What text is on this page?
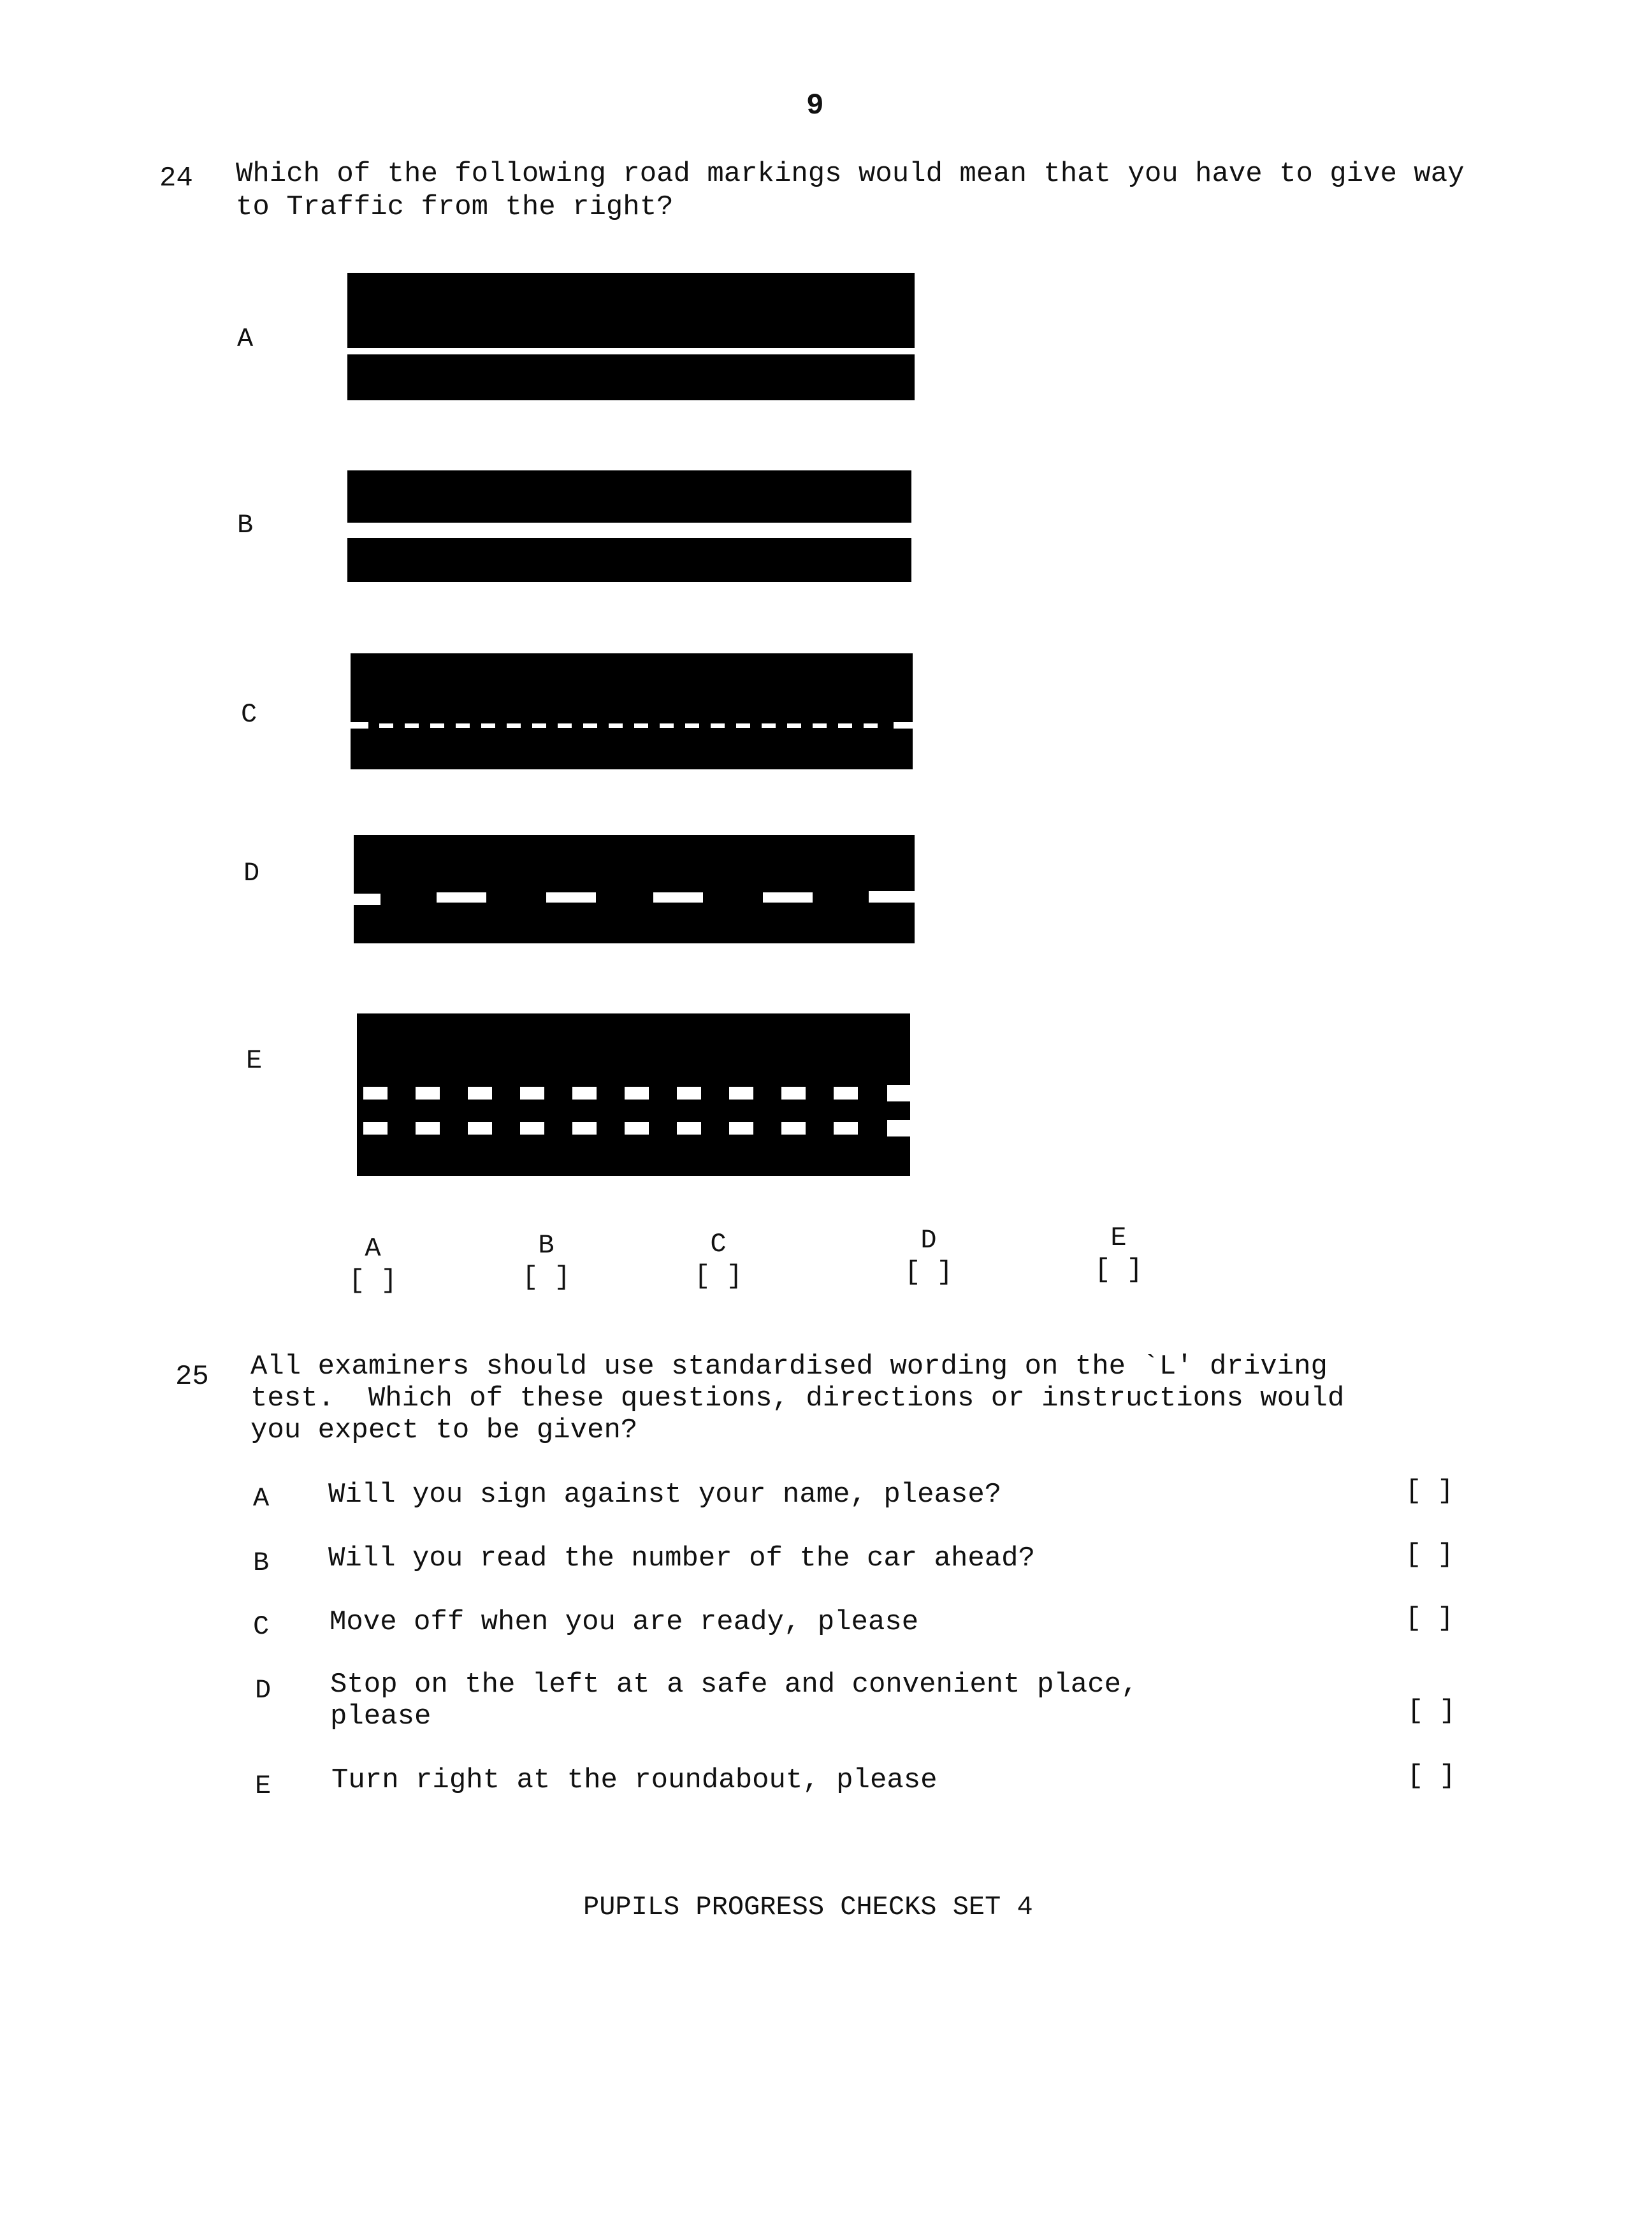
9
24 Which of the following road markings would mean that you have to give way to Traffic from the right?
A
B
C
D
E
A
[ ]
B
[ ]
C
[ ]
D
[ ]
E
[ ]
25 All examiners should use standardised wording on the `L' driving
test.  Which of these questions, directions or instructions would
you expect to be given?
A Will you sign against your name, please?	[ ]
B Will you read the number of the car ahead?	[ ]
C Move off when you are ready, please	[ ]
D Stop on the left at a safe and convenient place,
please	[ ]
E Turn right at the roundabout, please	[ ]
PUPILS PROGRESS CHECKS SET 4
